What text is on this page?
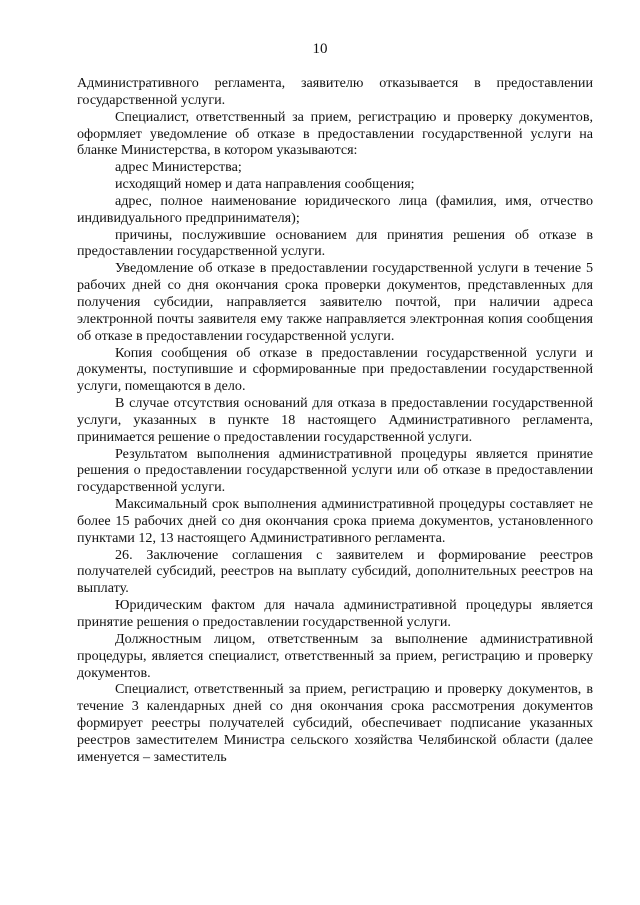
10

Административного регламента, заявителю отказывается в предоставлении государственной услуги.

Специалист, ответственный за прием, регистрацию и проверку документов, оформляет уведомление об отказе в предоставлении государственной услуги на бланке Министерства, в котором указываются:

адрес Министерства;

исходящий номер и дата направления сообщения;

адрес, полное наименование юридического лица (фамилия, имя, отчество индивидуального предпринимателя);

причины, послужившие основанием для принятия решения об отказе в предоставлении государственной услуги.

Уведомление об отказе в предоставлении государственной услуги в течение 5 рабочих дней со дня окончания срока проверки документов, представленных для получения субсидии, направляется заявителю почтой, при наличии адреса электронной почты заявителя ему также направляется электронная копия сообщения об отказе в предоставлении государственной услуги.

Копия сообщения об отказе в предоставлении государственной услуги и документы, поступившие и сформированные при предоставлении государственной услуги, помещаются в дело.

В случае отсутствия оснований для отказа в предоставлении государственной услуги, указанных в пункте 18 настоящего Административного регламента, принимается решение о предоставлении государственной услуги.

Результатом выполнения административной процедуры является принятие решения о предоставлении государственной услуги или об отказе в предоставлении государственной услуги.

Максимальный срок выполнения административной процедуры составляет не более 15 рабочих дней со дня окончания срока приема документов, установленного пунктами 12, 13 настоящего Административного регламента.

26. Заключение соглашения с заявителем и формирование реестров получателей субсидий, реестров на выплату субсидий, дополнительных реестров на выплату.

Юридическим фактом для начала административной процедуры является принятие решения о предоставлении государственной услуги.

Должностным лицом, ответственным за выполнение административной процедуры, является специалист, ответственный за прием, регистрацию и проверку документов.

Специалист, ответственный за прием, регистрацию и проверку документов, в течение 3 календарных дней со дня окончания срока рассмотрения документов формирует реестры получателей субсидий, обеспечивает подписание указанных реестров заместителем Министра сельского хозяйства Челябинской области (далее именуется – заместитель
